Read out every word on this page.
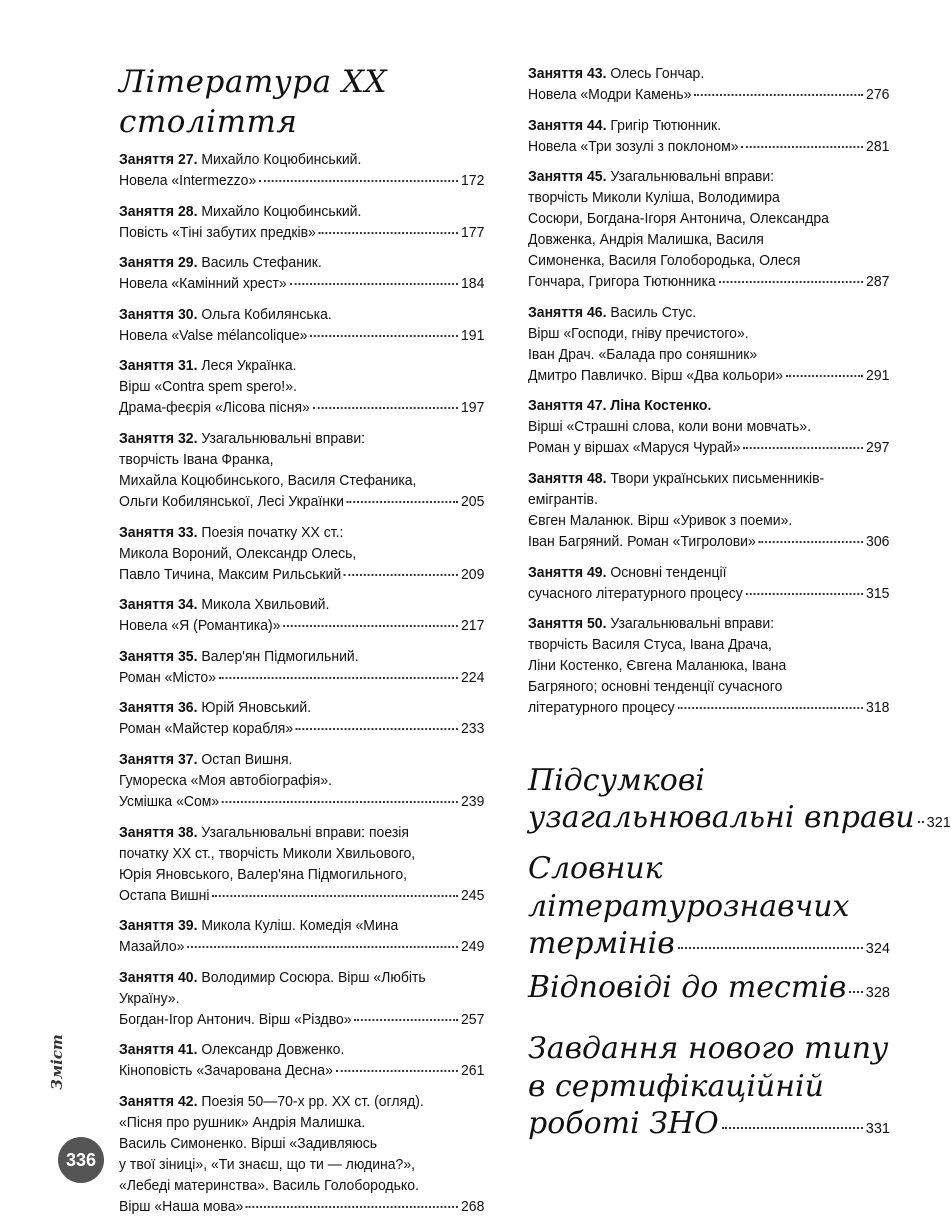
Література ХХ століття
Заняття 27. Михайло Коцюбинський.
Новела «Intermezzo»	172
Заняття 28. Михайло Коцюбинський.
Повість «Тіні забутих предків»	177
Заняття 29. Василь Стефаник.
Новела «Камінний хрест»	184
Заняття 30. Ольга Кобилянська.
Новела «Valse mélancolique»	191
Заняття 31. Леся Українка.
Вірш «Contra spem spero!».
Драма-феєрія «Лісова пісня»	197
Заняття 32. Узагальнювальні вправи:
творчість Івана Франка,
Михайла Коцюбинського, Василя Стефаника,
Ольги Кобилянської, Лесі Українки	205
Заняття 33. Поезія початку ХХ ст.:
Микола Вороний, Олександр Олесь,
Павло Тичина, Максим Рильський	209
Заняття 34. Микола Хвильовий.
Новела «Я (Романтика)»	217
Заняття 35. Валер'ян Підмогильний.
Роман «Місто»	224
Заняття 36. Юрій Яновський.
Роман «Майстер корабля»	233
Заняття 37. Остап Вишня.
Гумореска «Моя автобіографія».
Усмішка «Сом»	239
Заняття 38. Узагальнювальні вправи: поезія
початку ХХ ст., творчість Миколи Хвильового,
Юрія Яновського, Валер'яна Підмогильного,
Остапа Вишні	245
Заняття 39. Микола Куліш. Комедія «Мина
Мазайло»	249
Заняття 40. Володимир Сосюра. Вірш «Любіть
Україну».
Богдан-Ігор Антонич. Вірш «Різдво»	257
Заняття 41. Олександр Довженко.
Кіноповість «Зачарована Десна»	261
Заняття 42. Поезія 50—70-х рр. ХХ ст. (огляд).
«Пісня про рушник» Андрія Малишка.
Василь Симоненко. Вірші «Задивляюсь
у твої зіниці», «Ти знаєш, що ти — людина?»,
«Лебеді материнства». Василь Голобородько.
Вірш «Наша мова»	268
Заняття 43. Олесь Гончар.
Новела «Модри Камень»	276
Заняття 44. Григір Тютюнник.
Новела «Три зозулі з поклоном»	281
Заняття 45. Узагальнювальні вправи:
творчість Миколи Куліша, Володимира
Сосюри, Богдана-Ігоря Антонича, Олександра
Довженка, Андрія Малишка, Василя
Симоненка, Василя Голобородька, Олеся
Гончара, Григора Тютюнника	287
Заняття 46. Василь Стус.
Вірш «Господи, гніву пречистого».
Іван Драч. «Балада про соняшник»
Дмитро Павличко. Вірш «Два кольори»	291
Заняття 47. Ліна Костенко.
Вірші «Страшні слова, коли вони мовчать».
Роман у віршах «Маруся Чурай»	297
Заняття 48. Твори українських письменників-
емігрантів.
Євген Маланюк. Вірш «Уривок з поеми».
Іван Багряний. Роман «Тигролови»	306
Заняття 49. Основні тенденції
сучасного літературного процесу	315
Заняття 50. Узагальнювальні вправи:
творчість Василя Стуса, Івана Драча,
Ліни Костенко, Євгена Маланюка, Івана
Багряного; основні тенденції сучасного
літературного процесу	318
Підсумкові
узагальнювальні вправи 321
Словник
літературознавчих
термінів	324
Відповіді до тестів 328
Завдання нового типу
в сертифікаційній
роботі ЗНО	331
Зміст
336
